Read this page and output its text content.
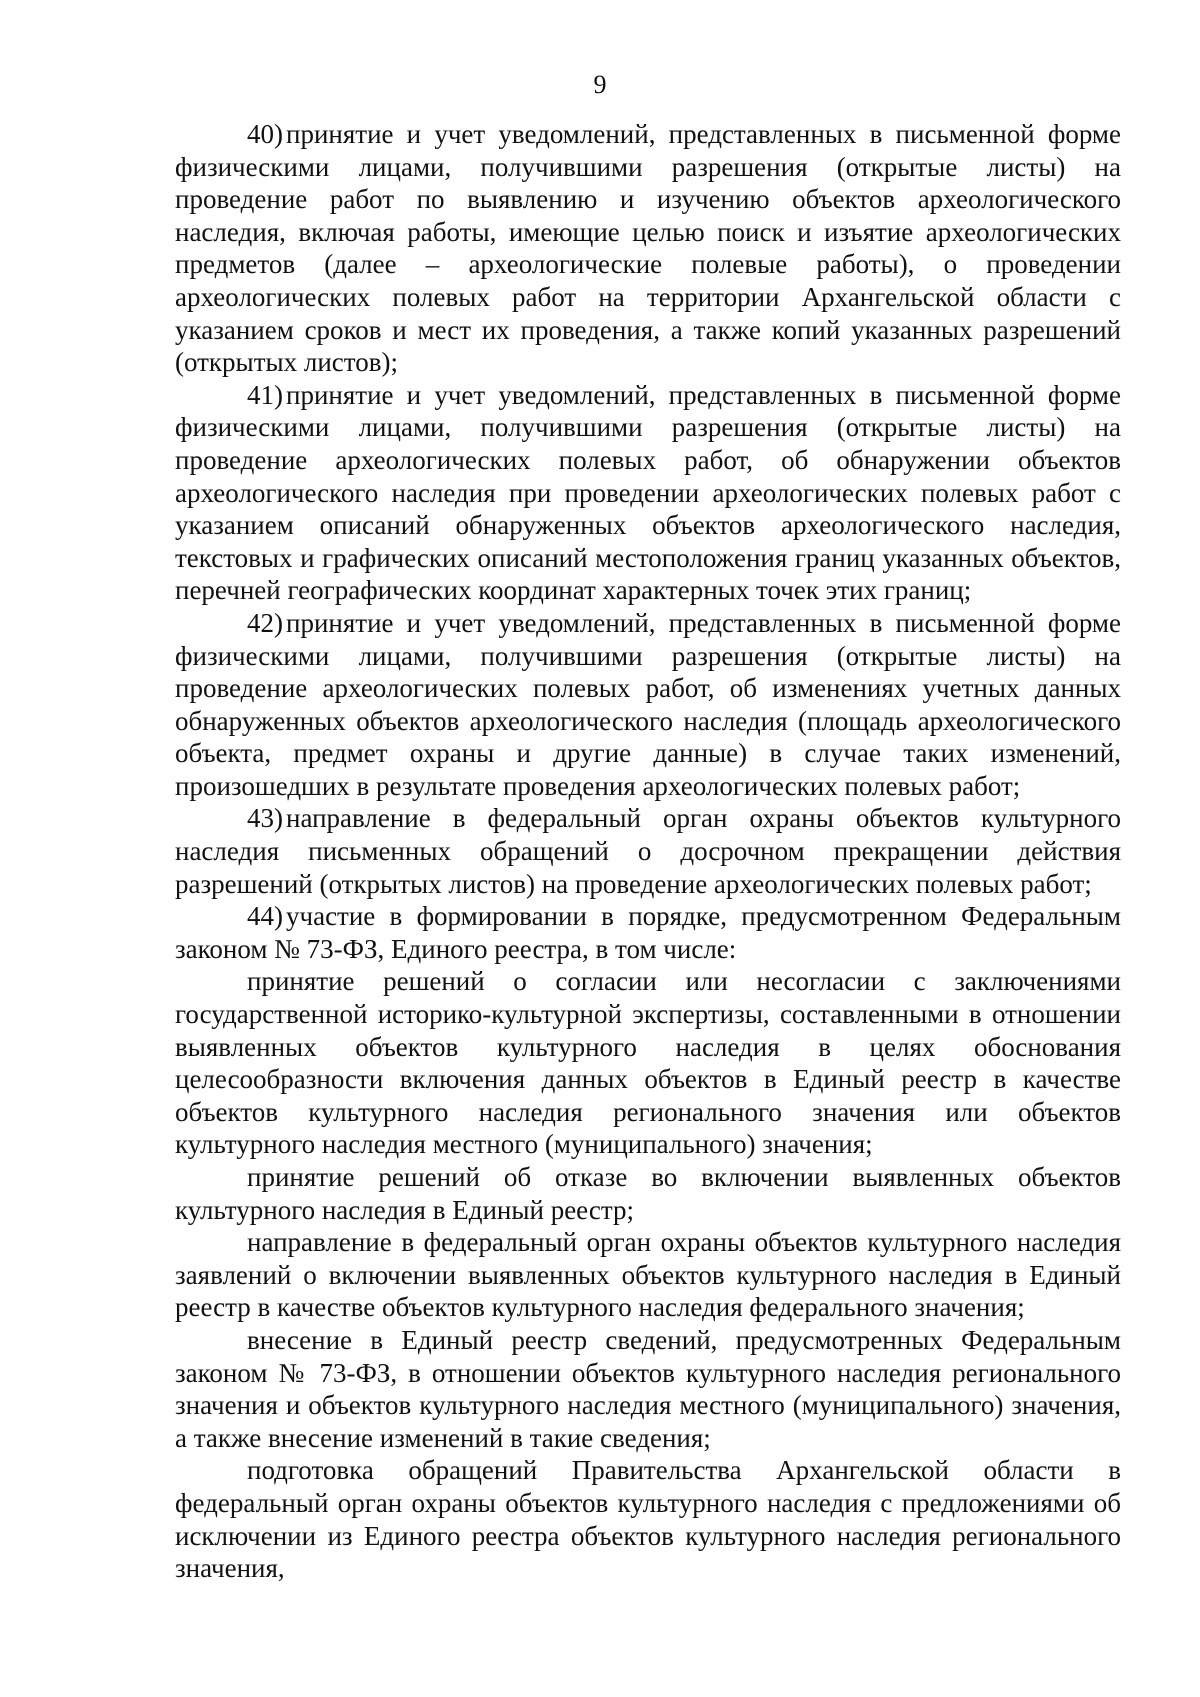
9

40) принятие и учет уведомлений, представленных в письменной форме физическими лицами, получившими разрешения (открытые листы) на проведение работ по выявлению и изучению объектов археологического наследия, включая работы, имеющие целью поиск и изъятие археологических предметов (далее – археологические полевые работы), о проведении археологических полевых работ на территории Архангельской области с указанием сроков и мест их проведения, а также копий указанных разрешений (открытых листов);

41) принятие и учет уведомлений, представленных в письменной форме физическими лицами, получившими разрешения (открытые листы) на проведение археологических полевых работ, об обнаружении объектов археологического наследия при проведении археологических полевых работ с указанием описаний обнаруженных объектов археологического наследия, текстовых и графических описаний местоположения границ указанных объектов, перечней географических координат характерных точек этих границ;

42) принятие и учет уведомлений, представленных в письменной форме физическими лицами, получившими разрешения (открытые листы) на проведение археологических полевых работ, об изменениях учетных данных обнаруженных объектов археологического наследия (площадь археологического объекта, предмет охраны и другие данные) в случае таких изменений, произошедших в результате проведения археологических полевых работ;

43) направление в федеральный орган охраны объектов культурного наследия письменных обращений о досрочном прекращении действия разрешений (открытых листов) на проведение археологических полевых работ;

44) участие в формировании в порядке, предусмотренном Федеральным законом № 73-ФЗ, Единого реестра, в том числе:

принятие решений о согласии или несогласии с заключениями государственной историко-культурной экспертизы, составленными в отношении выявленных объектов культурного наследия в целях обоснования целесообразности включения данных объектов в Единый реестр в качестве объектов культурного наследия регионального значения или объектов культурного наследия местного (муниципального) значения;

принятие решений об отказе во включении выявленных объектов культурного наследия в Единый реестр;

направление в федеральный орган охраны объектов культурного наследия заявлений о включении выявленных объектов культурного наследия в Единый реестр в качестве объектов культурного наследия федерального значения;

внесение в Единый реестр сведений, предусмотренных Федеральным законом № 73-ФЗ, в отношении объектов культурного наследия регионального значения и объектов культурного наследия местного (муниципального) значения, а также внесение изменений в такие сведения;

подготовка обращений Правительства Архангельской области в федеральный орган охраны объектов культурного наследия с предложениями об исключении из Единого реестра объектов культурного наследия регионального значения,
